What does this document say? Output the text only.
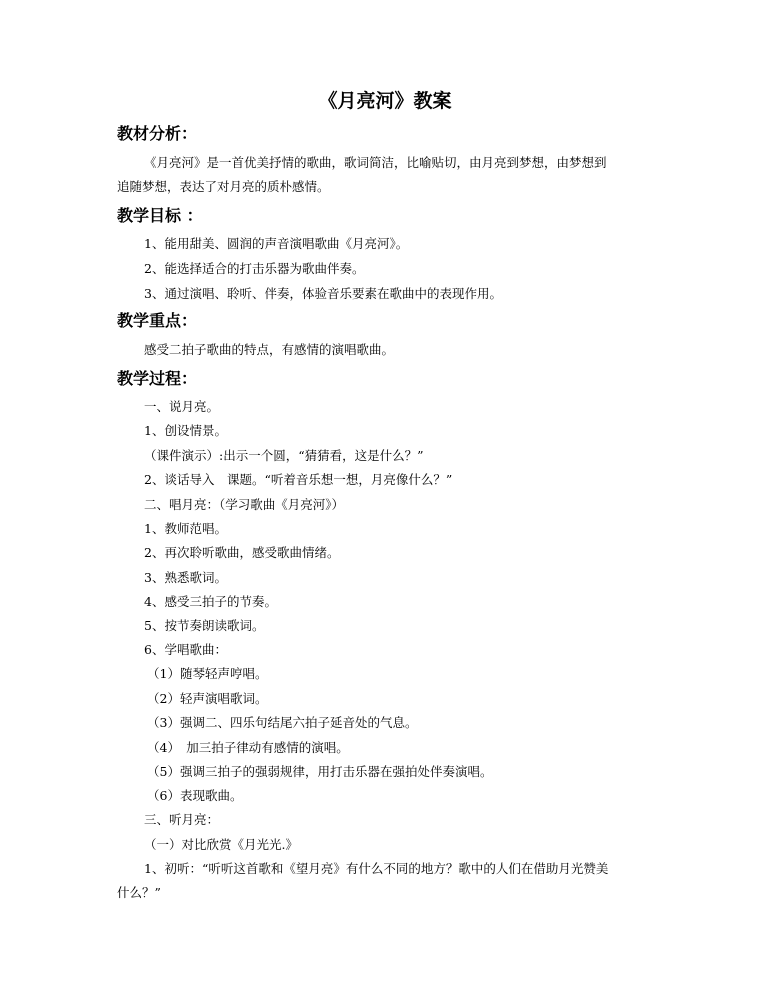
《月亮河》教案
教材分析：
《月亮河》是一首优美抒情的歌曲，歌词简洁，比喻贴切，由月亮到梦想，由梦想到
追随梦想，表达了对月亮的质朴感情。
教学目标 ：
1、能用甜美、圆润的声音演唱歌曲《月亮河》。
2、能选择适合的打击乐器为歌曲伴奏。
3、通过演唱、聆听、伴奏，体验音乐要素在歌曲中的表现作用。
教学重点：
感受二拍子歌曲的特点，有感情的演唱歌曲。
教学过程：
一、说月亮。
1、创设情景。
（课件演示）:出示一个圆，“猜猜看，这是什么？”
2、谈话导入　课题。“听着音乐想一想，月亮像什么？”
二、唱月亮：（学习歌曲《月亮河》）
1、教师范唱。
2、再次聆听歌曲，感受歌曲情绪。
3、熟悉歌词。
4、感受三拍子的节奏。
5、按节奏朗读歌词。
6、学唱歌曲：
（1）随琴轻声哼唱。
（2）轻声演唱歌词。
（3）强调二、四乐句结尾六拍子延音处的气息。
（4）　加三拍子律动有感情的演唱。
（5）强调三拍子的强弱规律，用打击乐器在强拍处伴奏演唱。
（6）表现歌曲。
三、听月亮：
（一）对比欣赏《月光光.》
1、初听：“听听这首歌和《望月亮》有什么不同的地方？歌中的人们在借助月光赞美
什么？”
